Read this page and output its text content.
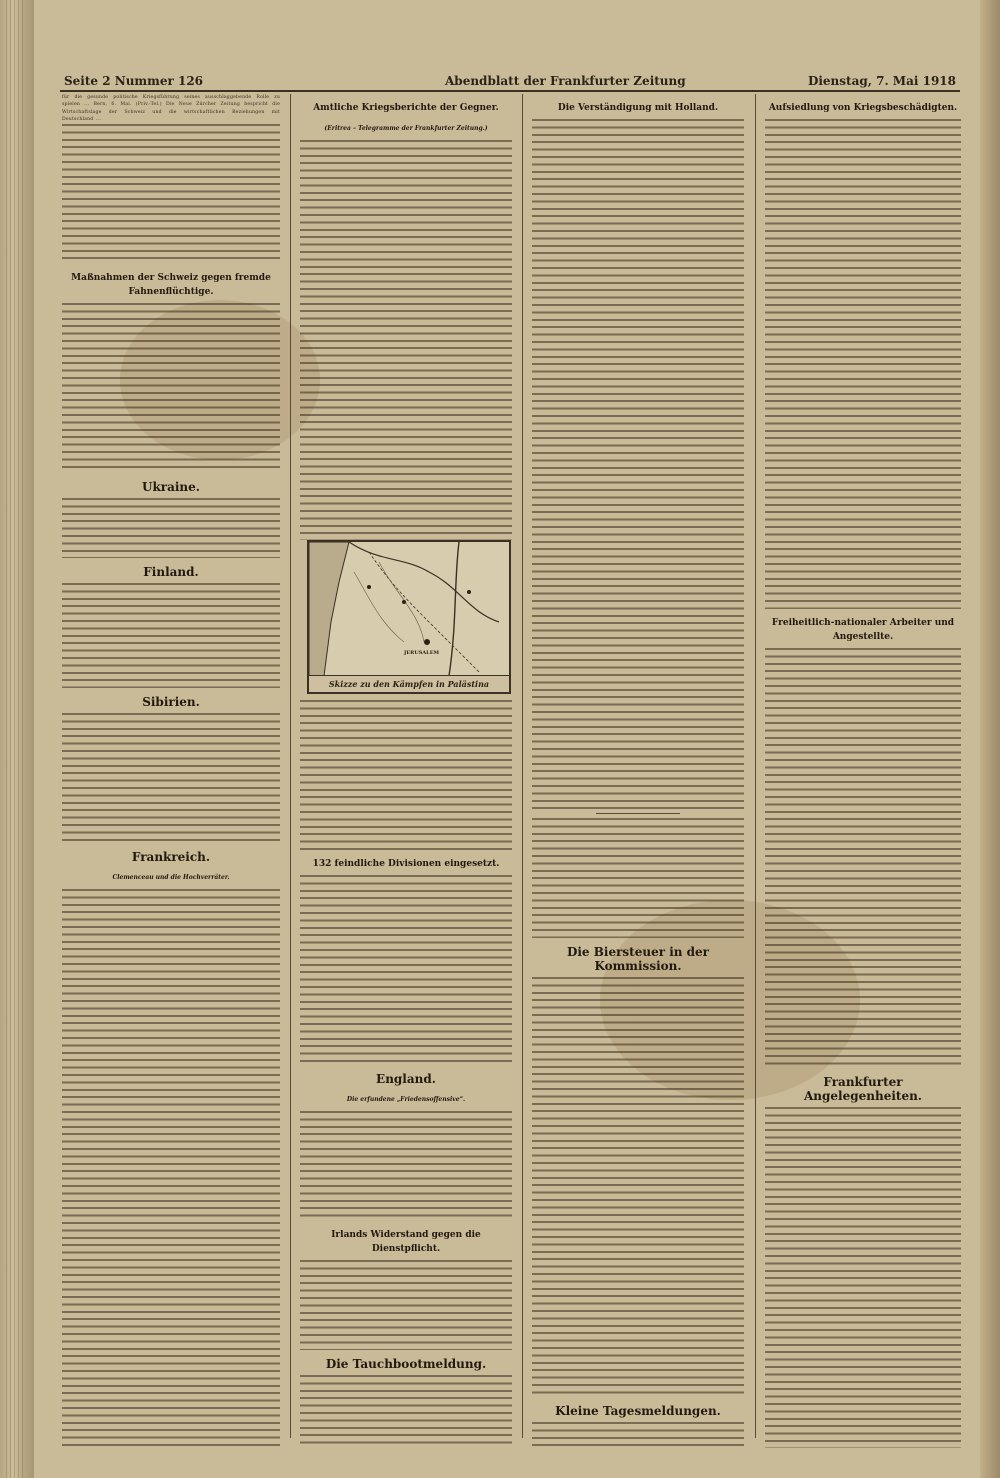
Seite 2 Nummer 126	Abendblatt der Frankfurter Zeitung	Dienstag, 7. Mai 1918
für die gesunde politische Kriegsführung seines ausschlaggebende Rolle zu spielen ... Bern, 6. Mai. (Priv.-Tel.) Die Neue Zürcher Zeitung bespricht die Wirtschaftslage der Schweiz und die wirtschaftlichen Beziehungen mit Deutschland ...
Maßnahmen der Schweiz gegen fremde Fahnenflüchtige.
Ukraine.
Finland.
Sibirien.
Frankreich.
Clemenceau und die Hochverräter.
Amtliche Kriegsberichte der Gegner.
(Eritrea – Telegramme der Frankfurter Zeitung.)
132 feindliche Divisionen eingesetzt.
England.
Die erfundene „Friedensoffensive“.
Irlands Widerstand gegen die Dienstpflicht.
Die Tauchbootmeldung.
Die Verständigung mit Holland.
Die Biersteuer in der Kommission.
Kleine Tagesmeldungen.
Aufsiedlung von Kriegsbeschädigten.
Freiheitlich-nationaler Arbeiter und Angestellte.
Frankfurter Angelegenheiten.
JERUSALEM
Skizze zu den Kämpfen in Palästina
